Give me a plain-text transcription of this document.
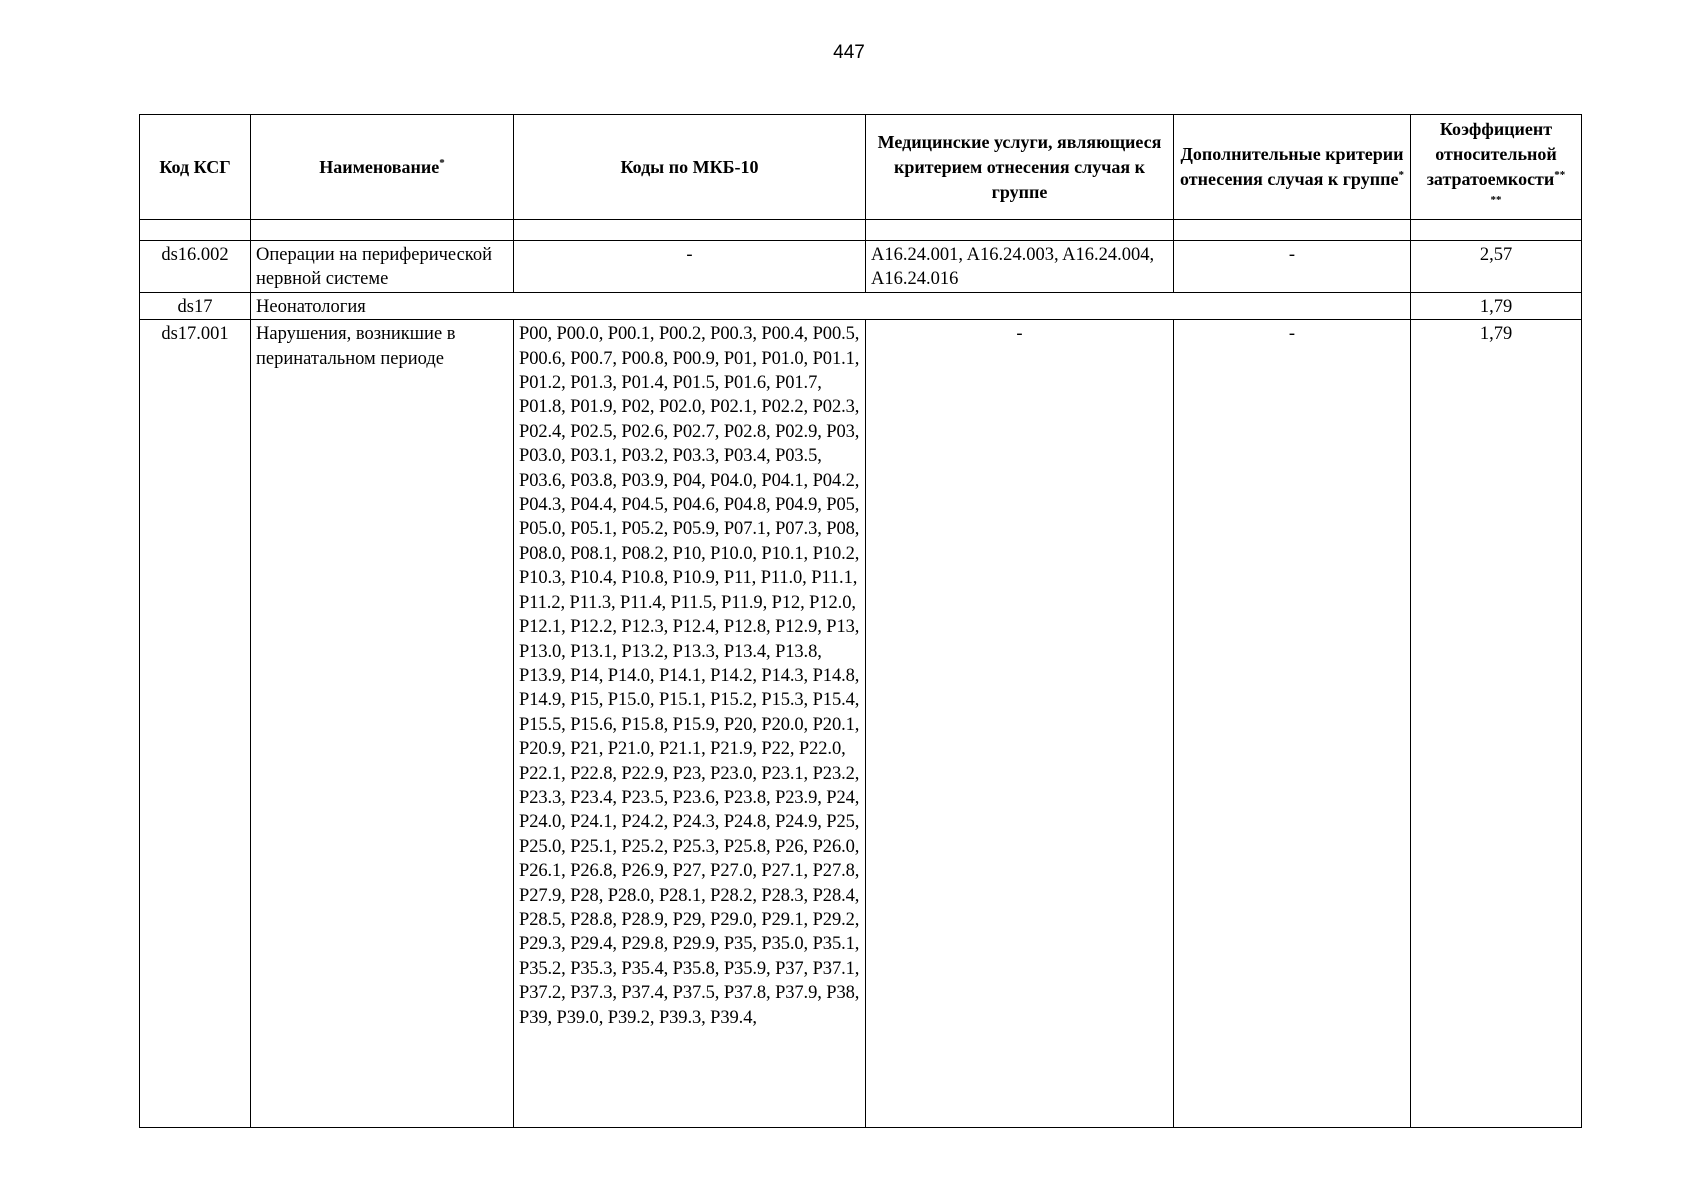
447
Код КСГ	Наименование*	Коды по МКБ-10	Медицинские услуги, являющиеся критерием отнесения случая к группе	Дополнительные критерии отнесения случая к группе*	Коэффициент относительной затратоемкости**
**

ds16.002	Операции на периферической нервной системе	-	A16.24.001, A16.24.003, A16.24.004, A16.24.016	-	2,57
ds17	Неонатология				1,79
ds17.001	Нарушения, возникшие в перинатальном периоде	P00, P00.0, P00.1, P00.2, P00.3, P00.4, P00.5, P00.6, P00.7, P00.8, P00.9, P01, P01.0, P01.1, P01.2, P01.3, P01.4, P01.5, P01.6, P01.7, P01.8, P01.9, P02, P02.0, P02.1, P02.2, P02.3, P02.4, P02.5, P02.6, P02.7, P02.8, P02.9, P03, P03.0, P03.1, P03.2, P03.3, P03.4, P03.5, P03.6, P03.8, P03.9, P04, P04.0, P04.1, P04.2, P04.3, P04.4, P04.5, P04.6, P04.8, P04.9, P05, P05.0, P05.1, P05.2, P05.9, P07.1, P07.3, P08, P08.0, P08.1, P08.2, P10, P10.0, P10.1, P10.2, P10.3, P10.4, P10.8, P10.9, P11, P11.0, P11.1, P11.2, P11.3, P11.4, P11.5, P11.9, P12, P12.0, P12.1, P12.2, P12.3, P12.4, P12.8, P12.9, P13, P13.0, P13.1, P13.2, P13.3, P13.4, P13.8, P13.9, P14, P14.0, P14.1, P14.2, P14.3, P14.8, P14.9, P15, P15.0, P15.1, P15.2, P15.3, P15.4, P15.5, P15.6, P15.8, P15.9, P20, P20.0, P20.1, P20.9, P21, P21.0, P21.1, P21.9, P22, P22.0, P22.1, P22.8, P22.9, P23, P23.0, P23.1, P23.2, P23.3, P23.4, P23.5, P23.6, P23.8, P23.9, P24, P24.0, P24.1, P24.2, P24.3, P24.8, P24.9, P25, P25.0, P25.1, P25.2, P25.3, P25.8, P26, P26.0, P26.1, P26.8, P26.9, P27, P27.0, P27.1, P27.8, P27.9, P28, P28.0, P28.1, P28.2, P28.3, P28.4, P28.5, P28.8, P28.9, P29, P29.0, P29.1, P29.2, P29.3, P29.4, P29.8, P29.9, P35, P35.0, P35.1, P35.2, P35.3, P35.4, P35.8, P35.9, P37, P37.1, P37.2, P37.3, P37.4, P37.5, P37.8, P37.9, P38, P39, P39.0, P39.2, P39.3, P39.4,	-	-	1,79
